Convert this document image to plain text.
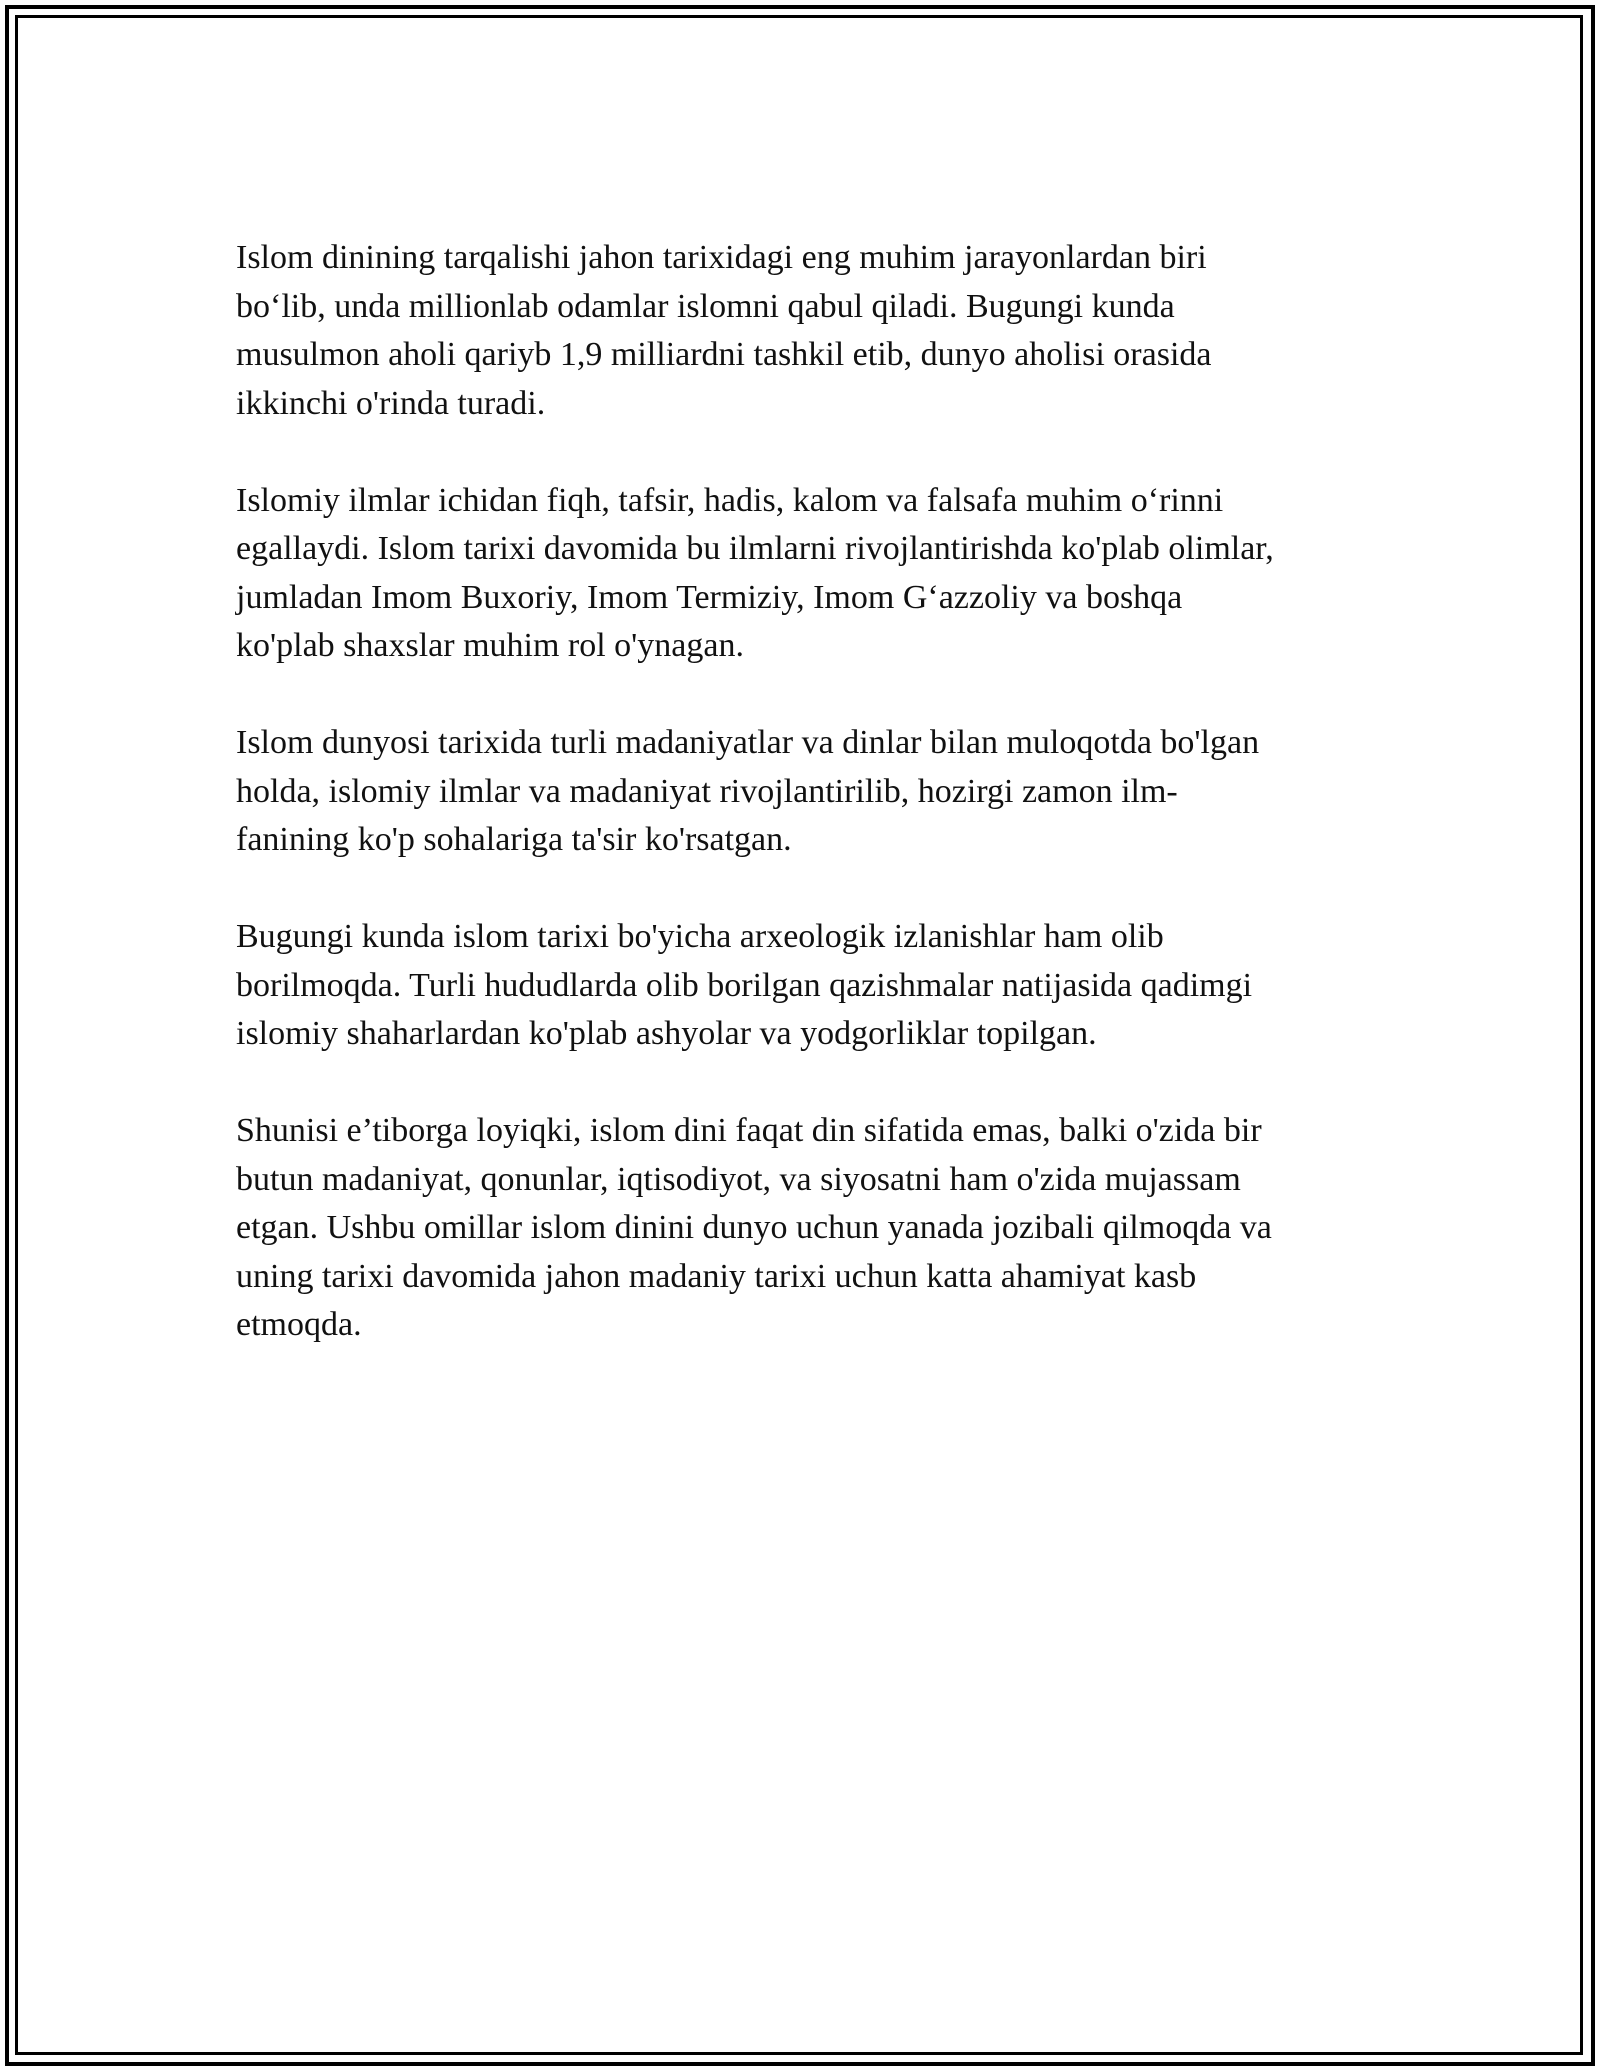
Islom dinining tarqalishi jahon tarixidagi eng muhim jarayonlardan biri
bo‘lib, unda millionlab odamlar islomni qabul qiladi. Bugungi kunda
musulmon aholi qariyb 1,9 milliardni tashkil etib, dunyo aholisi orasida
ikkinchi o'rinda turadi.

Islomiy ilmlar ichidan fiqh, tafsir, hadis, kalom va falsafa muhim o‘rinni
egallaydi. Islom tarixi davomida bu ilmlarni rivojlantirishda ko'plab olimlar,
jumladan Imom Buxoriy, Imom Termiziy, Imom G‘azzoliy va boshqa
ko'plab shaxslar muhim rol o'ynagan.

Islom dunyosi tarixida turli madaniyatlar va dinlar bilan muloqotda bo'lgan
holda, islomiy ilmlar va madaniyat rivojlantirilib, hozirgi zamon ilm-
fanining ko'p sohalariga ta'sir ko'rsatgan.

Bugungi kunda islom tarixi bo'yicha arxeologik izlanishlar ham olib
borilmoqda. Turli hududlarda olib borilgan qazishmalar natijasida qadimgi
islomiy shaharlardan ko'plab ashyolar va yodgorliklar topilgan.

Shunisi e’tiborga loyiqki, islom dini faqat din sifatida emas, balki o'zida bir
butun madaniyat, qonunlar, iqtisodiyot, va siyosatni ham o'zida mujassam
etgan. Ushbu omillar islom dinini dunyo uchun yanada jozibali qilmoqda va
uning tarixi davomida jahon madaniy tarixi uchun katta ahamiyat kasb
etmoqda.
